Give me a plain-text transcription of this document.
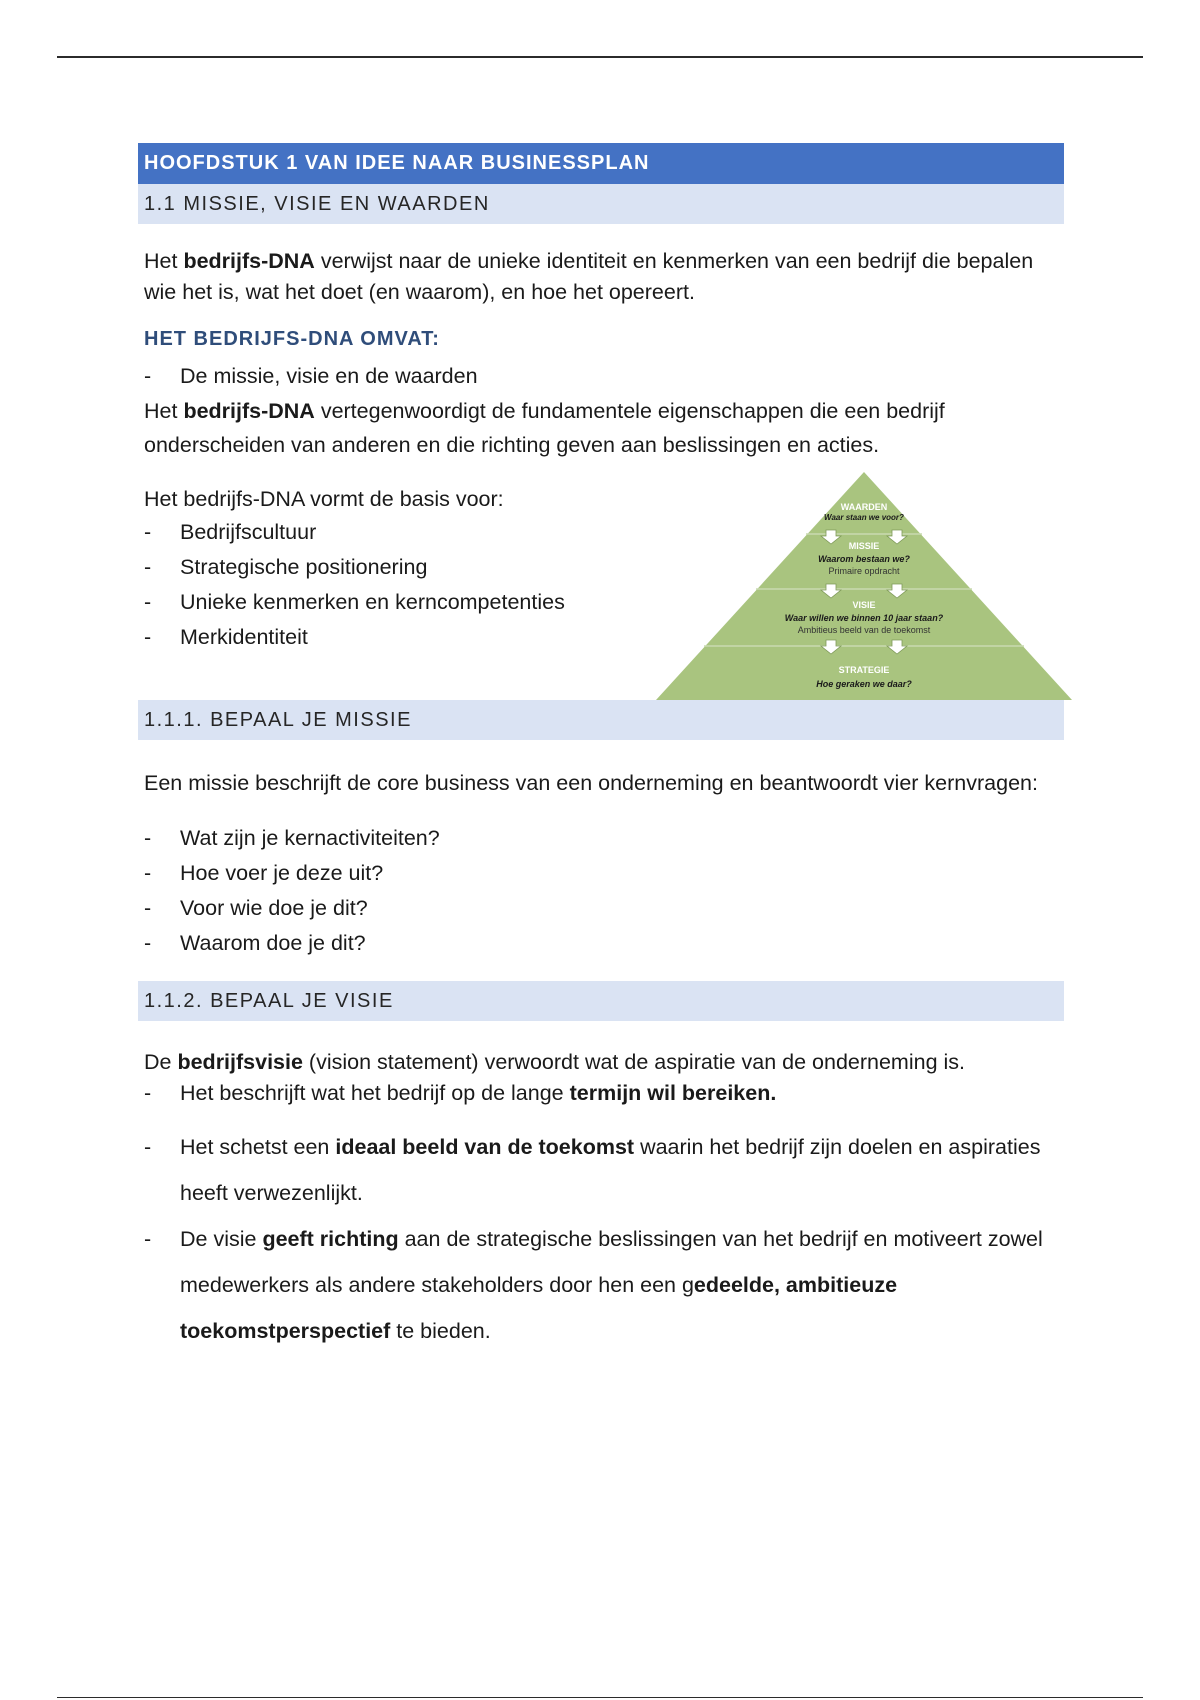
HOOFDSTUK 1 VAN IDEE NAAR BUSINESSPLAN
1.1 MISSIE, VISIE EN WAARDEN
Het bedrijfs-DNA verwijst naar de unieke identiteit en kenmerken van een bedrijf die bepalen wie het is, wat het doet (en waarom), en hoe het opereert.
HET BEDRIJFS-DNA OMVAT:
- De missie, visie en de waarden
Het bedrijfs-DNA vertegenwoordigt de fundamentele eigenschappen die een bedrijf onderscheiden van anderen en die richting geven aan beslissingen en acties.
Het bedrijfs-DNA vormt de basis voor:
- Bedrijfscultuur
- Strategische positionering
- Unieke kenmerken en kerncompetenties
- Merkidentiteit
WAARDEN
Waar staan we voor?
MISSIE
Waarom bestaan we?
Primaire opdracht
VISIE
Waar willen we binnen 10 jaar staan?
Ambitieus beeld van de toekomst
STRATEGIE
Hoe geraken we daar?
1.1.1. BEPAAL JE MISSIE
Een missie beschrijft de core business van een onderneming en beantwoordt vier kernvragen:
- Wat zijn je kernactiviteiten?
- Hoe voer je deze uit?
- Voor wie doe je dit?
- Waarom doe je dit?
1.1.2. BEPAAL JE VISIE
De bedrijfsvisie (vision statement) verwoordt wat de aspiratie van de onderneming is.
- Het beschrijft wat het bedrijf op de lange termijn wil bereiken.
- Het schetst een ideaal beeld van de toekomst waarin het bedrijf zijn doelen en aspiraties heeft verwezenlijkt.
- De visie geeft richting aan de strategische beslissingen van het bedrijf en motiveert zowel medewerkers als andere stakeholders door hen een gedeelde, ambitieuze toekomstperspectief te bieden.
